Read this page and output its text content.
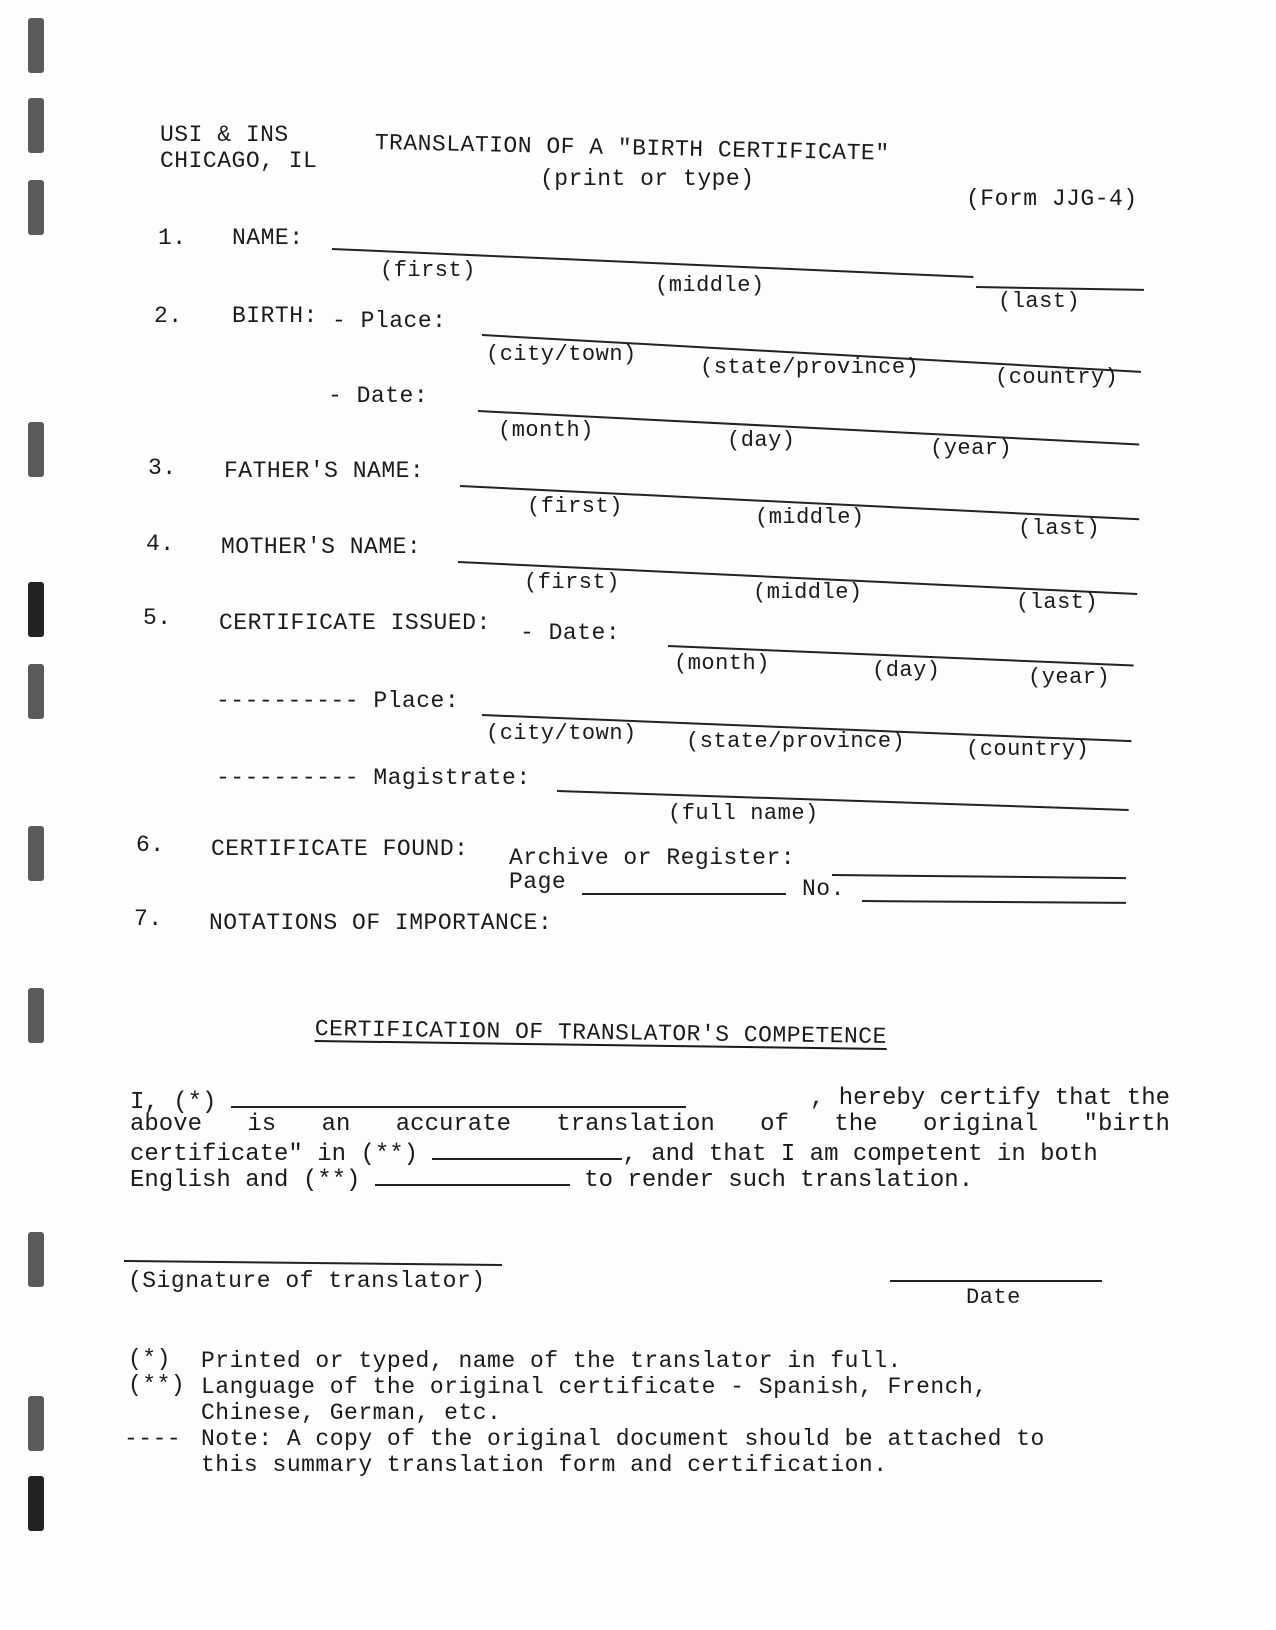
USI & INS
CHICAGO, IL TRANSLATION OF A "BIRTH CERTIFICATE"
(print or type)
(Form JJG-4)
1. NAME:
(first)
(middle)
(last)
2. BIRTH: - Place:
(city/town)
(state/province)	(country)
- Date:
(month)	(day)	(year)
3. FATHER'S NAME:
(first)	(middle)	(last)
4. MOTHER'S NAME:
(first)	(middle)	(last)
5. CERTIFICATE ISSUED: - Date:
(month)	(day)	(year)
---------- Place:
(city/town) (state/province)	(country)
---------- Magistrate:
(full name)
6. CERTIFICATE FOUND: Archive or Register:
Page	No.
7. NOTATIONS OF IMPORTANCE:
CERTIFICATION OF TRANSLATOR'S COMPETENCE
I, (*)	, hereby certify that the
above is an accurate translation of the original "birth
certificate" in (**)	, and that I am competent in both
English and (**)	to render such translation.
(Signature of translator)
Date
(*) Printed or typed, name of the translator in full.
(**) Language of the original certificate - Spanish, French,
Chinese, German, etc.
---- Note: A copy of the original document should be attached to
this summary translation form and certification.
